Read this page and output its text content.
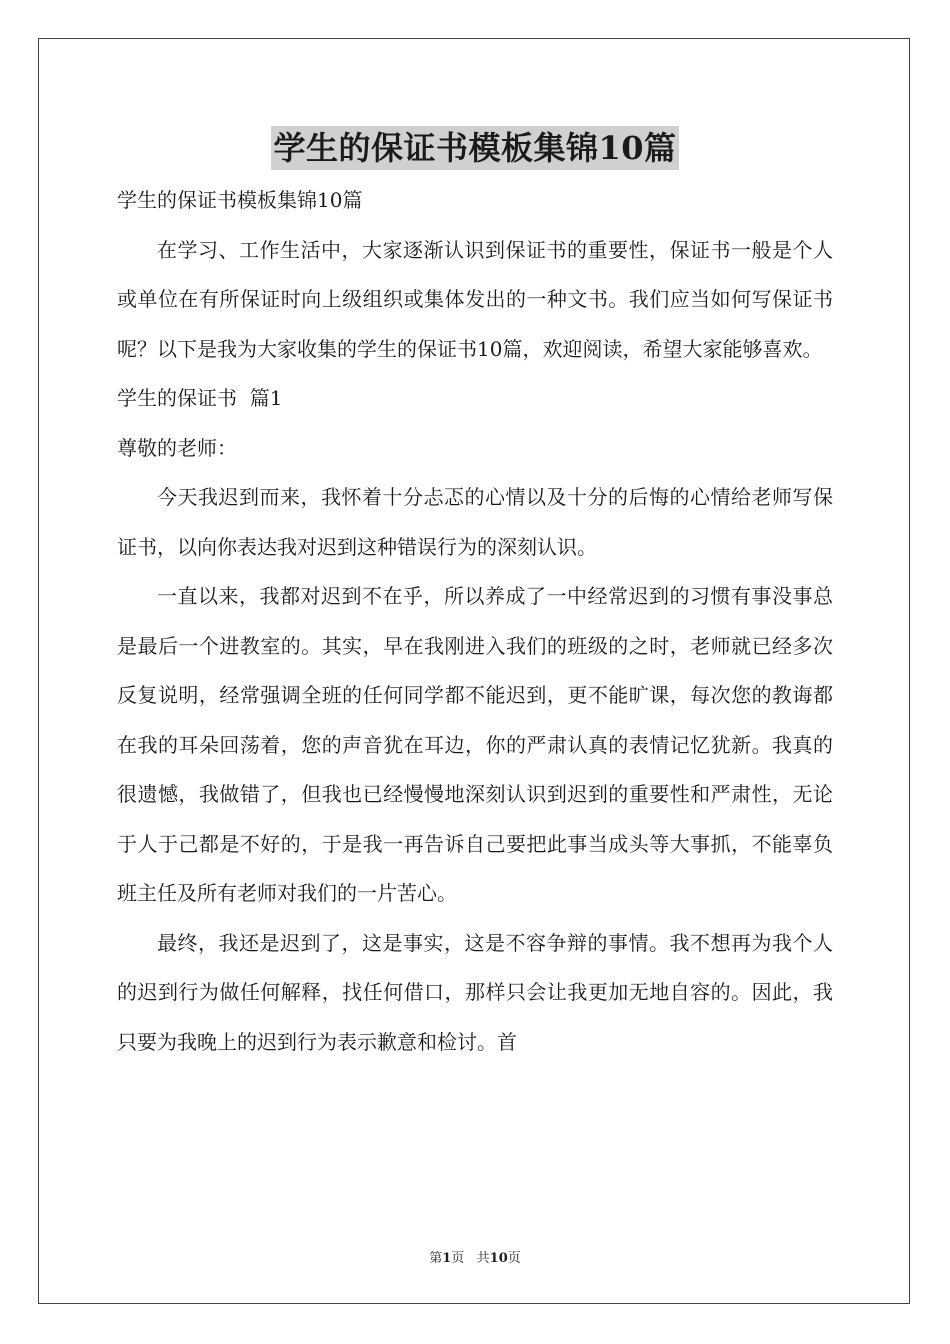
学生的保证书模板集锦10篇

学生的保证书模板集锦10篇

在学习、工作生活中，大家逐渐认识到保证书的重要性，保证书一般是个人或单位在有所保证时向上级组织或集体发出的一种文书。我们应当如何写保证书呢？以下是我为大家收集的学生的保证书10篇，欢迎阅读，希望大家能够喜欢。

学生的保证书  篇1

尊敬的老师：

今天我迟到而来，我怀着十分忐忑的心情以及十分的后悔的心情给老师写保证书，以向你表达我对迟到这种错误行为的深刻认识。

一直以来，我都对迟到不在乎，所以养成了一中经常迟到的习惯有事没事总是最后一个进教室的。其实，早在我刚进入我们的班级的之时，老师就已经多次反复说明，经常强调全班的任何同学都不能迟到，更不能旷课，每次您的教诲都在我的耳朵回荡着，您的声音犹在耳边，你的严肃认真的表情记忆犹新。我真的很遗憾，我做错了，但我也已经慢慢地深刻认识到迟到的重要性和严肃性，无论于人于己都是不好的，于是我一再告诉自己要把此事当成头等大事抓，不能辜负班主任及所有老师对我们的一片苦心。

最终，我还是迟到了，这是事实，这是不容争辩的事情。我不想再为我个人的迟到行为做任何解释，找任何借口，那样只会让我更加无地自容的。因此，我只要为我晚上的迟到行为表示歉意和检讨。首

第1页   共10页
